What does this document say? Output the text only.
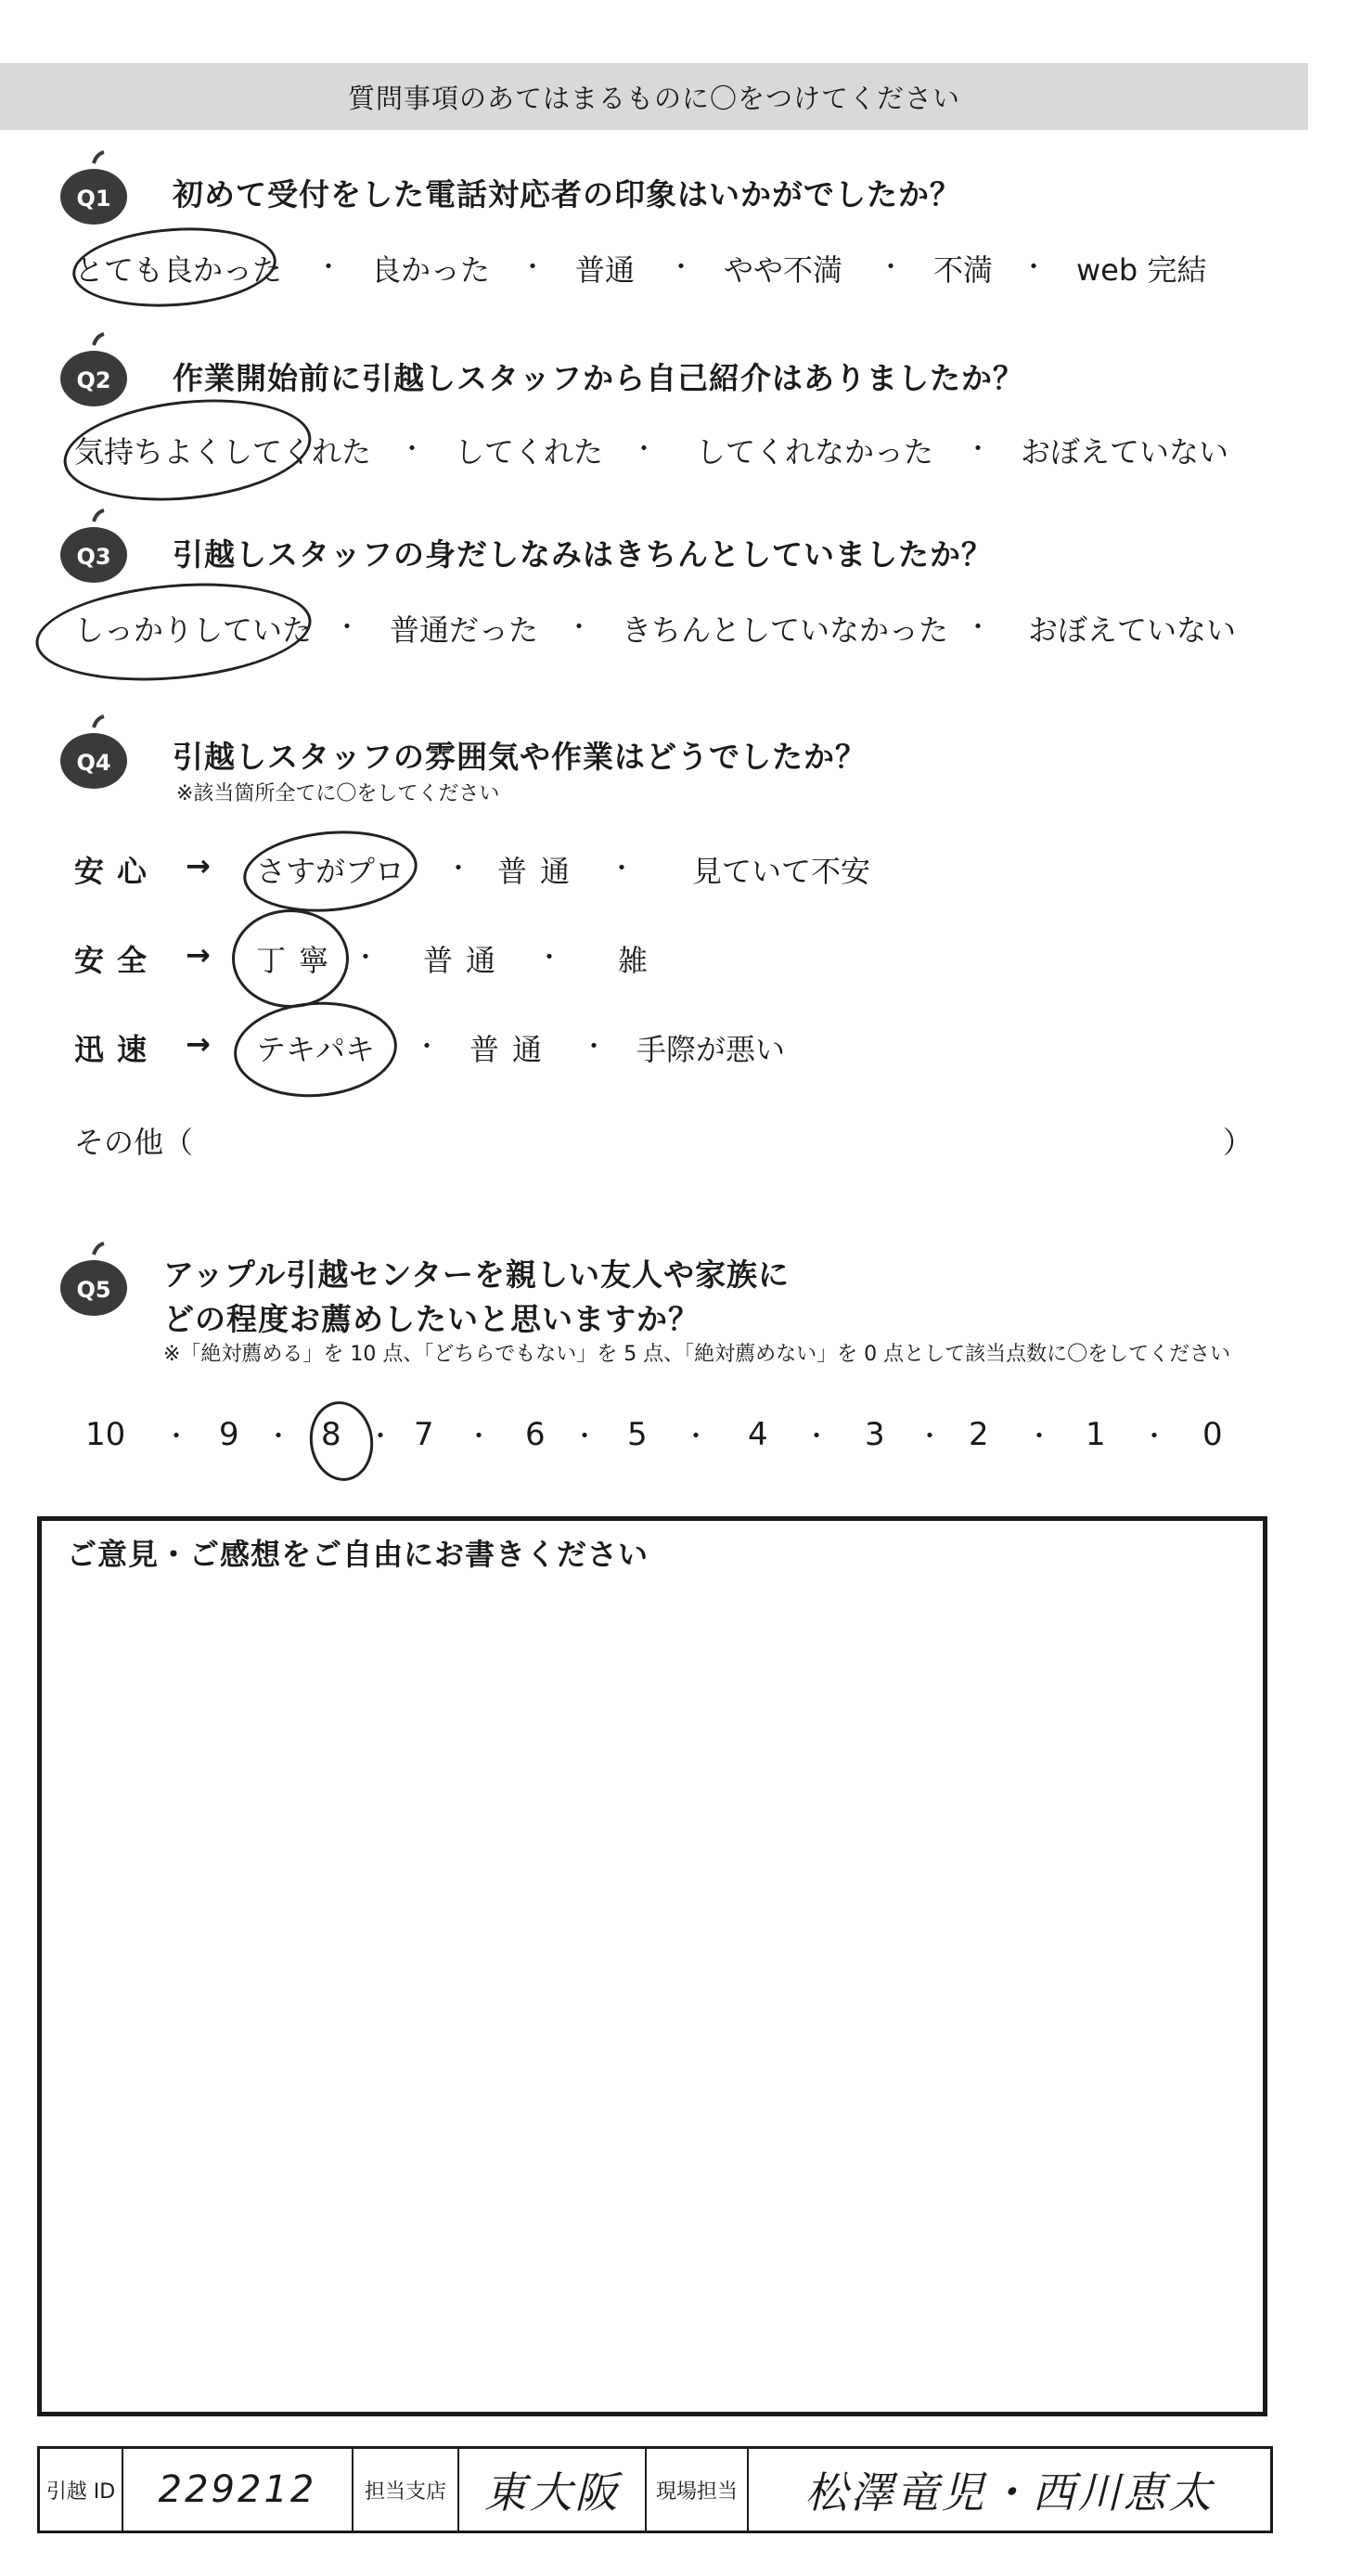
質問事項のあてはまるものに〇をつけてください
Q1 初めて受付をした電話対応者の印象はいかがでしたか？
とても良かった ・ 良かった ・ 普通 ・ やや不満 ・ 不満 ・ web 完結
Q2 作業開始前に引越しスタッフから自己紹介はありましたか？
気持ちよくしてくれた ・ してくれた ・ してくれなかった ・ おぼえていない
Q3 引越しスタッフの身だしなみはきちんとしていましたか？
しっかりしていた ・ 普通だった ・ きちんとしていなかった ・ おぼえていない
Q4 引越しスタッフの雰囲気や作業はどうでしたか？
※該当箇所全てに〇をしてください
安心 → さすがプロ ・ 普通 ・ 見ていて不安
安全 → 丁寧 ・ 普通 ・ 雑
迅速 → テキパキ ・ 普通 ・ 手際が悪い
その他（	）
Q5 アップル引越センターを親しい友人や家族に
どの程度お薦めしたいと思いますか？
※「絶対薦める」を 10 点、「どちらでもない」を 5 点、「絶対薦めない」を 0 点として該当点数に〇をしてください
10 ・ 9 ・ 8 ・ 7 ・ 6 ・ 5 ・ 4 ・ 3 ・ 2 ・ 1 ・ 0
ご意見・ご感想をご自由にお書きください
引越 ID 229212 担当支店 東大阪 現場担当 松澤竜児・西川恵太
